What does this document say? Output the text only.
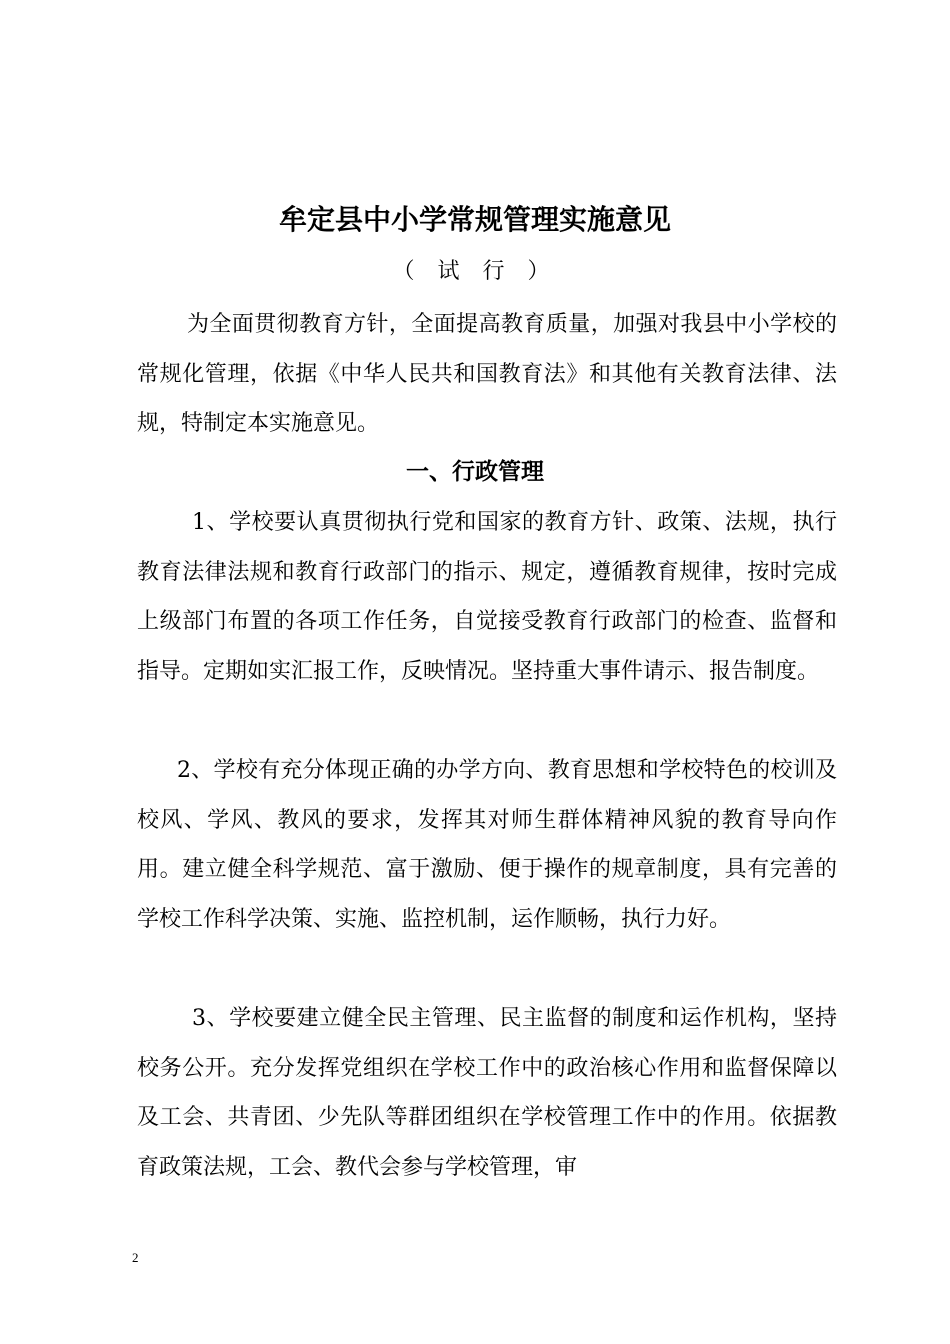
牟定县中小学常规管理实施意见
（ 试 行 ）
为全面贯彻教育方针，全面提高教育质量，加强对我县中小学校的常规化管理，依据《中华人民共和国教育法》和其他有关教育法律、法规，特制定本实施意见。
一、行政管理
1、学校要认真贯彻执行党和国家的教育方针、政策、法规，执行教育法律法规和教育行政部门的指示、规定，遵循教育规律，按时完成上级部门布置的各项工作任务，自觉接受教育行政部门的检查、监督和指导。定期如实汇报工作，反映情况。坚持重大事件请示、报告制度。
2、学校有充分体现正确的办学方向、教育思想和学校特色的校训及校风、学风、教风的要求，发挥其对师生群体精神风貌的教育导向作用。建立健全科学规范、富于激励、便于操作的规章制度，具有完善的学校工作科学决策、实施、监控机制，运作顺畅，执行力好。
3、学校要建立健全民主管理、民主监督的制度和运作机构，坚持校务公开。充分发挥党组织在学校工作中的政治核心作用和监督保障以及工会、共青团、少先队等群团组织在学校管理工作中的作用。依据教育政策法规，工会、教代会参与学校管理，审
2
